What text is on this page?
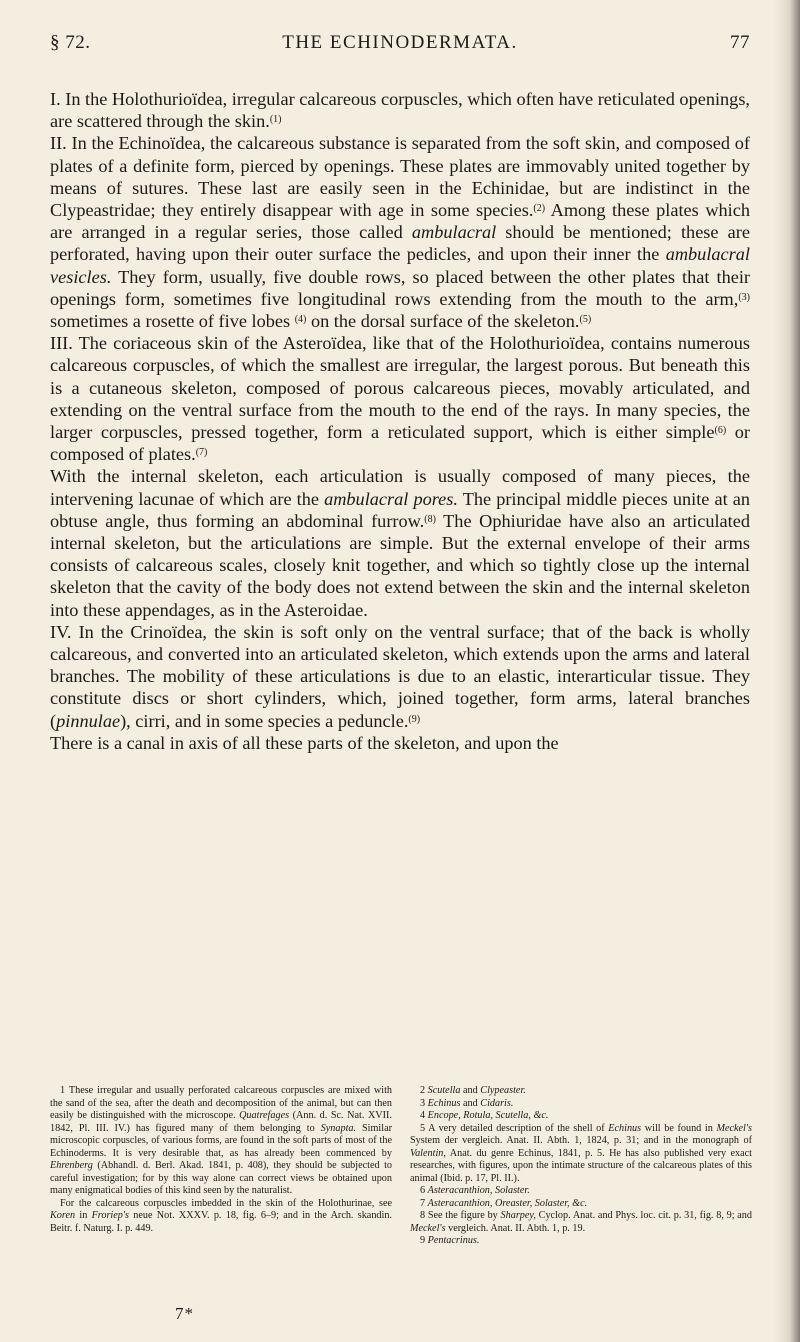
§ 72.	THE ECHINODERMATA.	77

I. In the Holothurioïdea, irregular calcareous corpuscles, which often have reticulated openings, are scattered through the skin.$^{(1)}$

II. In the Echinoïdea, the calcareous substance is separated from the soft skin, and composed of plates of a definite form, pierced by openings. These plates are immovably united together by means of sutures. These last are easily seen in the Echinidae, but are indistinct in the Clypeastridae; they entirely disappear with age in some species.$^{(2)}$ Among these plates which are arranged in a regular series, those called ambulacral should be mentioned; these are perforated, having upon their outer surface the pedicles, and upon their inner the ambulacral vesicles. They form, usually, five double rows, so placed between the other plates that their openings form, sometimes five longitudinal rows extending from the mouth to the arm,$^{(3)}$ sometimes a rosette of five lobes $^{(4)}$ on the dorsal surface of the skeleton.$^{(5)}$

III. The coriaceous skin of the Asteroïdea, like that of the Holothurioïdea, contains numerous calcareous corpuscles, of which the smallest are irregular, the largest porous. But beneath this is a cutaneous skeleton, composed of porous calcareous pieces, movably articulated, and extending on the ventral surface from the mouth to the end of the rays. In many species, the larger corpuscles, pressed together, form a reticulated support, which is either simple$^{(6)}$ or composed of plates.$^{(7)}$

With the internal skeleton, each articulation is usually composed of many pieces, the intervening lacunae of which are the ambulacral pores. The principal middle pieces unite at an obtuse angle, thus forming an abdominal furrow.$^{(8)}$ The Ophiuridae have also an articulated internal skeleton, but the articulations are simple. But the external envelope of their arms consists of calcareous scales, closely knit together, and which so tightly close up the internal skeleton that the cavity of the body does not extend between the skin and the internal skeleton into these appendages, as in the Asteroidae.

IV. In the Crinoïdea, the skin is soft only on the ventral surface; that of the back is wholly calcareous, and converted into an articulated skeleton, which extends upon the arms and lateral branches. The mobility of these articulations is due to an elastic, interarticular tissue. They constitute discs or short cylinders, which, joined together, form arms, lateral branches (pinnulae), cirri, and in some species a peduncle.$^{(9)}$

There is a canal in axis of all these parts of the skeleton, and upon the

1 These irregular and usually perforated calcareous corpuscles are mixed with the sand of the sea, after the death and decomposition of the animal, but can then easily be distinguished with the microscope. Quatrefages (Ann. d. Sc. Nat. XVII. 1842, Pl. III. IV.) has figured many of them belonging to Synapta. Similar microscopic corpuscles, of various forms, are found in the soft parts of most of the Echinoderms. It is very desirable that, as has already been commenced by Ehrenberg (Abhandl. d. Berl. Akad. 1841, p. 408), they should be subjected to careful investigation; for by this way alone can correct views be obtained upon many enigmatical bodies of this kind seen by the naturalist.

For the calcareous corpuscles imbedded in the skin of the Holothurinae, see Koren in Froriep's neue Not. XXXV. p. 18, fig. 6–9; and in the Arch. skandin. Beitr. f. Naturg. I. p. 449.

2 Scutella and Clypeaster.

3 Echinus and Cidaris.

4 Encope, Rotula, Scutella, &c.

5 A very detailed description of the shell of Echinus will be found in Meckel's System der vergleich. Anat. II. Abth. 1, 1824, p. 31; and in the monograph of Valentin, Anat. du genre Echinus, 1841, p. 5. He has also published very exact researches, with figures, upon the intimate structure of the calcareous plates of this animal (Ibid. p. 17, Pl. II.).

6 Asteracanthion, Solaster.

7 Asteracanthion, Oreaster, Solaster, &c.

8 See the figure by Sharpey, Cyclop. Anat. and Phys. loc. cit. p. 31, fig. 8, 9; and Meckel's vergleich. Anat. II. Abth. 1, p. 19.

9 Pentacrinus.

7*
